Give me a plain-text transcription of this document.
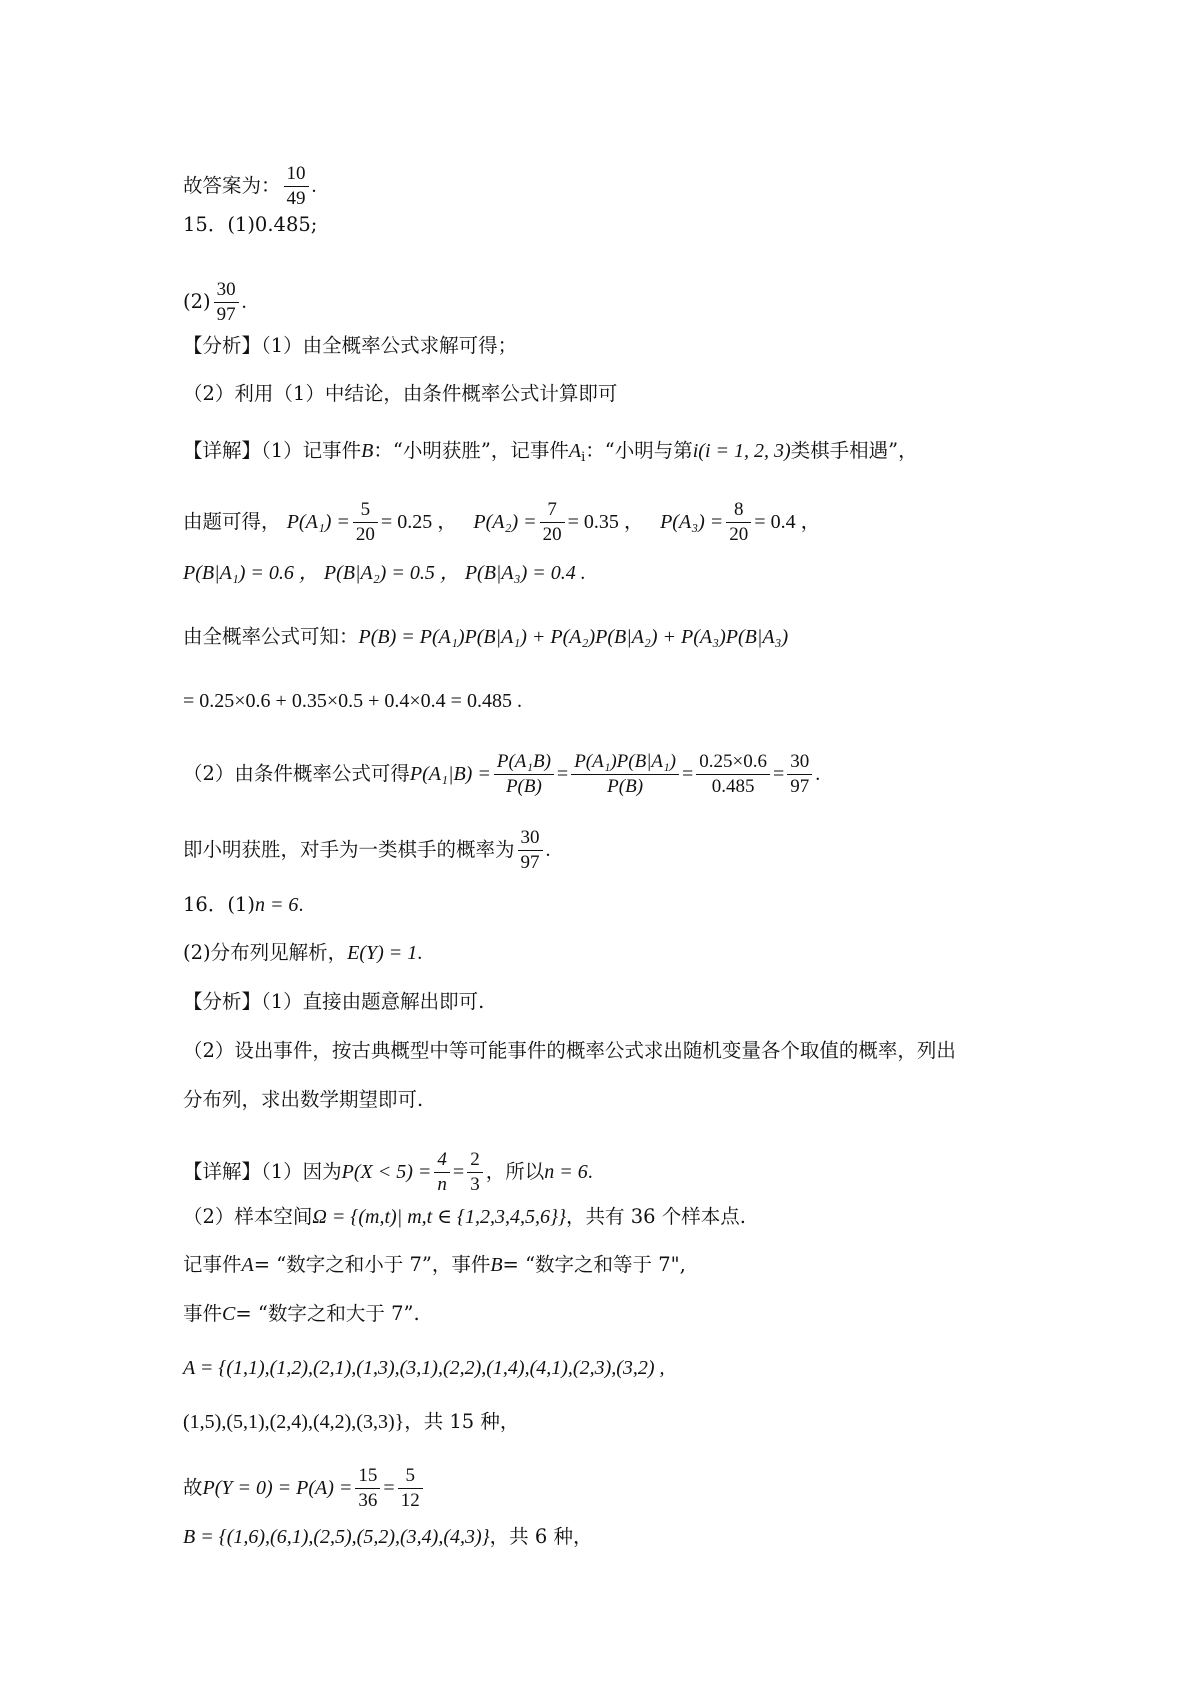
故答案为： $\frac{10}{49}$ .
15．(1)0.485;
$(2) \frac{30}{97}$ .
【分析】（1）由全概率公式求解可得；
（2）利用（1）中结论，由条件概率公式计算即可
【详解】（1）记事件B：“小明获胜”，记事件$A_i$：“小明与第i(i = 1, 2, 3)类棋手相遇”，
由题可得， $P(A_1) = \frac{5}{20} = 0.25$ ， $P(A_2) = \frac{7}{20} = 0.35$ ， $P(A_3) = \frac{8}{20} = 0.4$ ，
P(B|A₁) = 0.6 ， P(B|A₂) = 0.5 ， P(B|A₃) = 0.4 .
由全概率公式可知：P(B) = P(A₁)P(B|A₁) + P(A₂)P(B|A₂) + P(A₃)P(B|A₃)
= 0.25×0.6 + 0.35×0.5 + 0.4×0.4 = 0.485 .
（2）由条件概率公式可得$P(A_1|B) = \frac{\text{P(A₁B)}}{P(B)} = \frac{\text{P(A₁)P(B|A₁)}}{P(B)} = \frac{0.25\times 0.6}{0.485} = \frac{30}{97}$ .
即小明获胜，对手为一类棋手的概率为 $\frac{30}{97}$ .
16．(1)n = 6.
(2)分布列见解析，E(Y) = 1.
【分析】（1）直接由题意解出即可.
（2）设出事件，按古典概型中等可能事件的概率公式求出随机变量各个取值的概率，列出
分布列，求出数学期望即可.
【详解】（1）因为$P(X < 5) = \frac{4}{n} = \frac{2}{3}$ ，所以n = 6.
（2）样本空间Ω = {(m,t)| m,t ∈ {1,2,3,4,5,6}}，共有 36 个样本点.
记事件A= “数字之和小于 7”，事件B= “数字之和等于 7",
事件C= “数字之和大于 7”.
A = {(1,1),(1,2),(2,1),(1,3),(3,1),(2,2),(1,4),(4,1),(2,3),(3,2) ,
(1,5),(5,1),(2,4),(4,2),(3,3)}，共 15 种，
故$P(Y = 0) = P(A) = \frac{15}{36} = \frac{5}{12}$
B = {(1,6),(6,1),(2,5),(5,2),(3,4),(4,3)}，共 6 种，
